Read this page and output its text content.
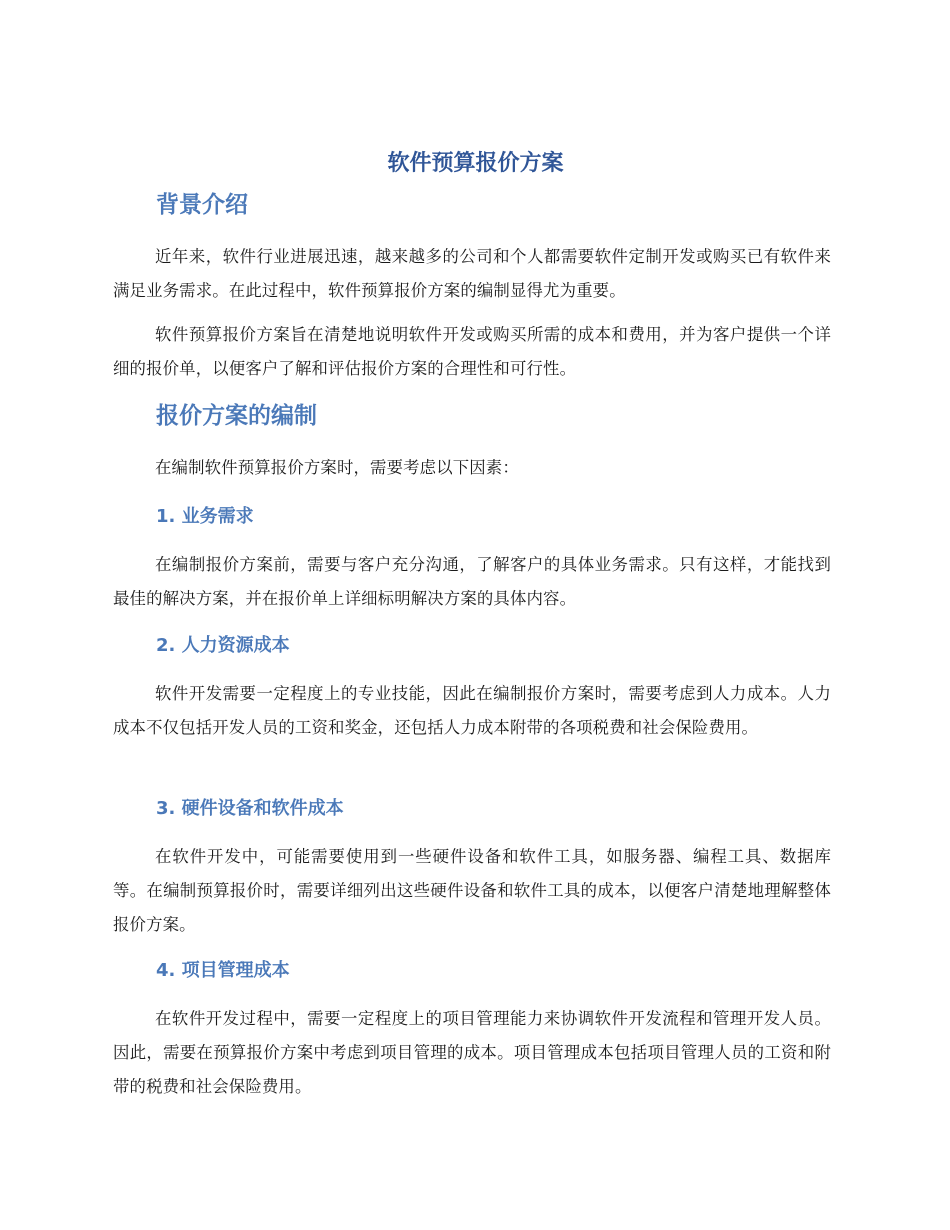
软件预算报价方案
背景介绍

近年来，软件行业进展迅速，越来越多的公司和个人都需要软件定制开发或购买已有软件来满足业务需求。在此过程中，软件预算报价方案的编制显得尤为重要。

软件预算报价方案旨在清楚地说明软件开发或购买所需的成本和费用，并为客户提供一个详细的报价单，以便客户了解和评估报价方案的合理性和可行性。

报价方案的编制

在编制软件预算报价方案时，需要考虑以下因素：

1. 业务需求

在编制报价方案前，需要与客户充分沟通，了解客户的具体业务需求。只有这样，才能找到最佳的解决方案，并在报价单上详细标明解决方案的具体内容。

2. 人力资源成本

软件开发需要一定程度上的专业技能，因此在编制报价方案时，需要考虑到人力成本。人力成本不仅包括开发人员的工资和奖金，还包括人力成本附带的各项税费和社会保险费用。

3. 硬件设备和软件成本

在软件开发中，可能需要使用到一些硬件设备和软件工具，如服务器、编程工具、数据库等。在编制预算报价时，需要详细列出这些硬件设备和软件工具的成本，以便客户清楚地理解整体报价方案。

4. 项目管理成本

在软件开发过程中，需要一定程度上的项目管理能力来协调软件开发流程和管理开发人员。因此，需要在预算报价方案中考虑到项目管理的成本。项目管理成本包括项目管理人员的工资和附带的税费和社会保险费用。
